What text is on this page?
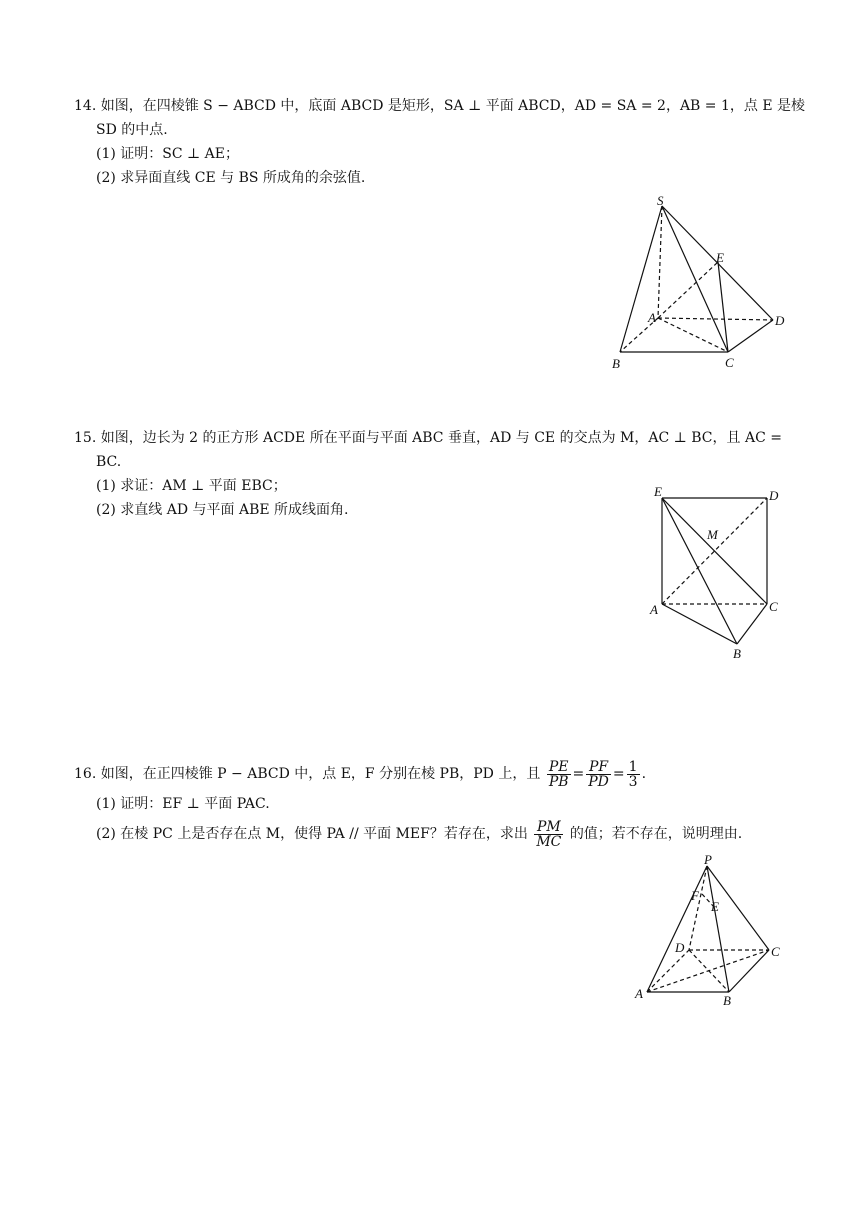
14. 如图，在四棱锥 S − ABCD 中，底面 ABCD 是矩形，SA ⊥ 平面 ABCD，AD = SA = 2，AB = 1，点 E 是棱
SD 的中点.
(1) 证明：SC ⊥ AE；
(2) 求异面直线 CE 与 BS 所成角的余弦值.
S
E
A	D
B	C
15. 如图，边长为 2 的正方形 ACDE 所在平面与平面 ABC 垂直，AD 与 CE 的交点为 M，AC ⊥ BC，且 AC =
BC.
(1) 求证：AM ⊥ 平面 EBC；
(2) 求直线 AD 与平面 ABE 所成线面角.
E	D
M
A	C
B
16. 如图，在正四棱锥 P − ABCD 中，点 E，F 分别在棱 PB，PD 上，且 $\frac{PE}{PB} = \frac{PF}{PD} = \frac{1}{3}$ .
(1) 证明：EF ⊥ 平面 PAC.
(2) 在棱 PC 上是否存在点 M，使得 PA // 平面 MEF？若存在，求出 $\frac{PM}{MC}$ 的值；若不存在，说明理由.
P
F
E
D	C
A	B
